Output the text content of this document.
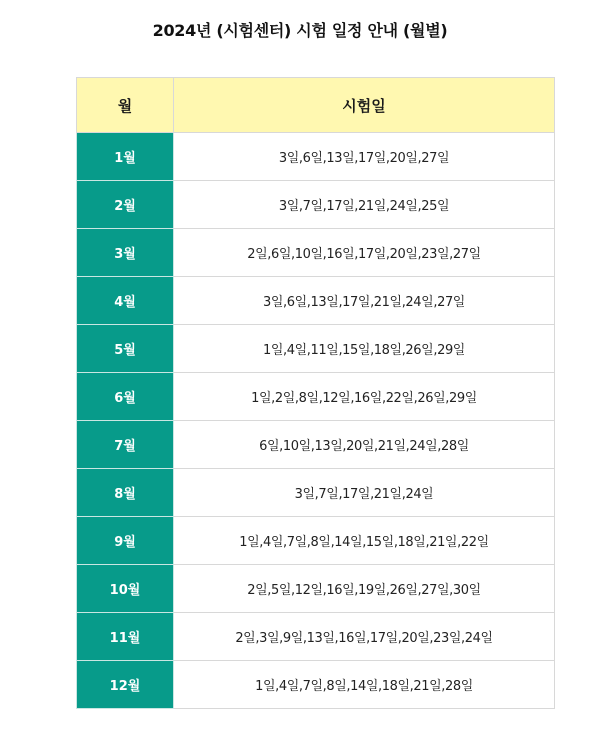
2024년 (시험센터) 시험 일정 안내 (월별)
월	시험일
1월	3일,6일,13일,17일,20일,27일
2월	3일,7일,17일,21일,24일,25일
3월	2일,6일,10일,16일,17일,20일,23일,27일
4월	3일,6일,13일,17일,21일,24일,27일
5월	1일,4일,11일,15일,18일,26일,29일
6월	1일,2일,8일,12일,16일,22일,26일,29일
7월	6일,10일,13일,20일,21일,24일,28일
8월	3일,7일,17일,21일,24일
9월	1일,4일,7일,8일,14일,15일,18일,21일,22일
10월	2일,5일,12일,16일,19일,26일,27일,30일
11월	2일,3일,9일,13일,16일,17일,20일,23일,24일
12월	1일,4일,7일,8일,14일,18일,21일,28일
